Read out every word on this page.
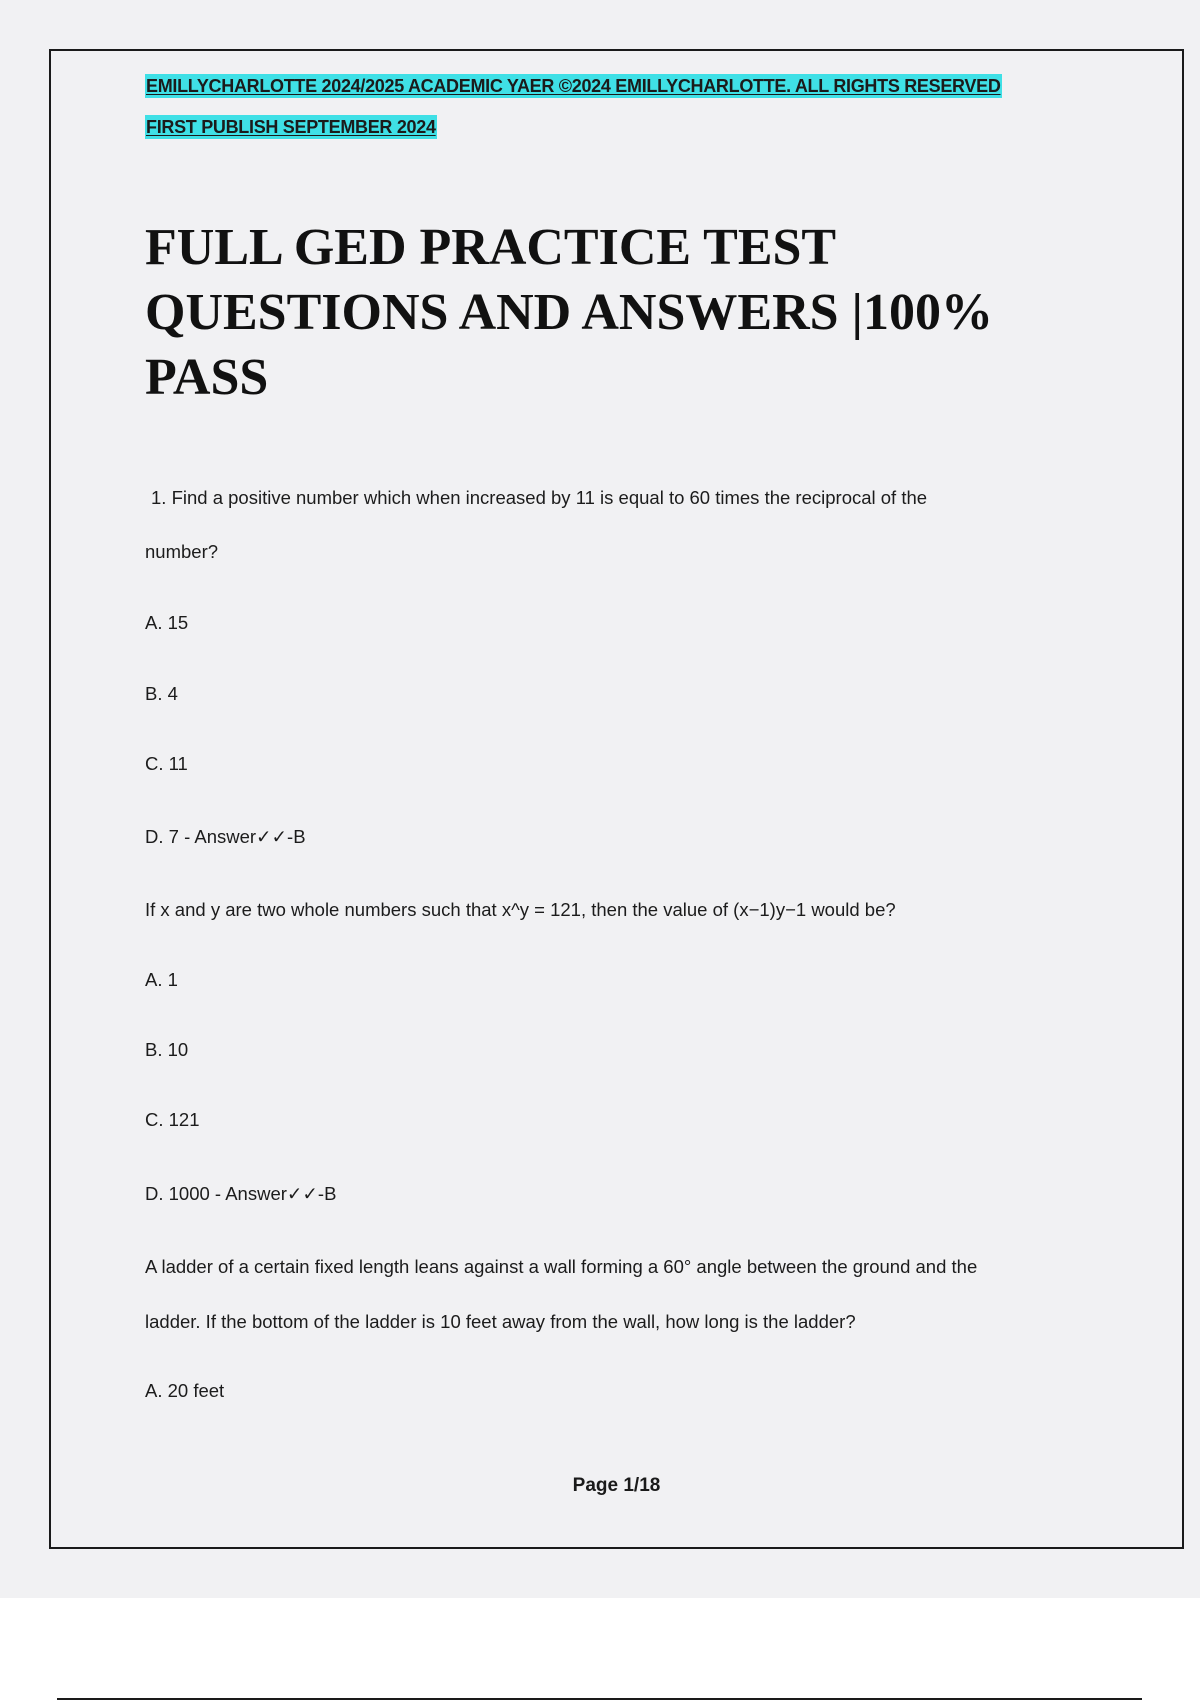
EMILLYCHARLOTTE 2024/2025 ACADEMIC YAER ©2024 EMILLYCHARLOTTE. ALL RIGHTS RESERVED
FIRST PUBLISH SEPTEMBER 2024
FULL GED PRACTICE TEST
QUESTIONS AND ANSWERS |100%
PASS
1. Find a positive number which when increased by 11 is equal to 60 times the reciprocal of the
number?
A. 15
B. 4
C. 11
D. 7 - Answer✓✓-B
If x and y are two whole numbers such that x^y = 121, then the value of (x−1)y−1 would be?
A. 1
B. 10
C. 121
D. 1000 - Answer✓✓-B
A ladder of a certain fixed length leans against a wall forming a 60° angle between the ground and the
ladder. If the bottom of the ladder is 10 feet away from the wall, how long is the ladder?
A. 20 feet
Page 1/18
